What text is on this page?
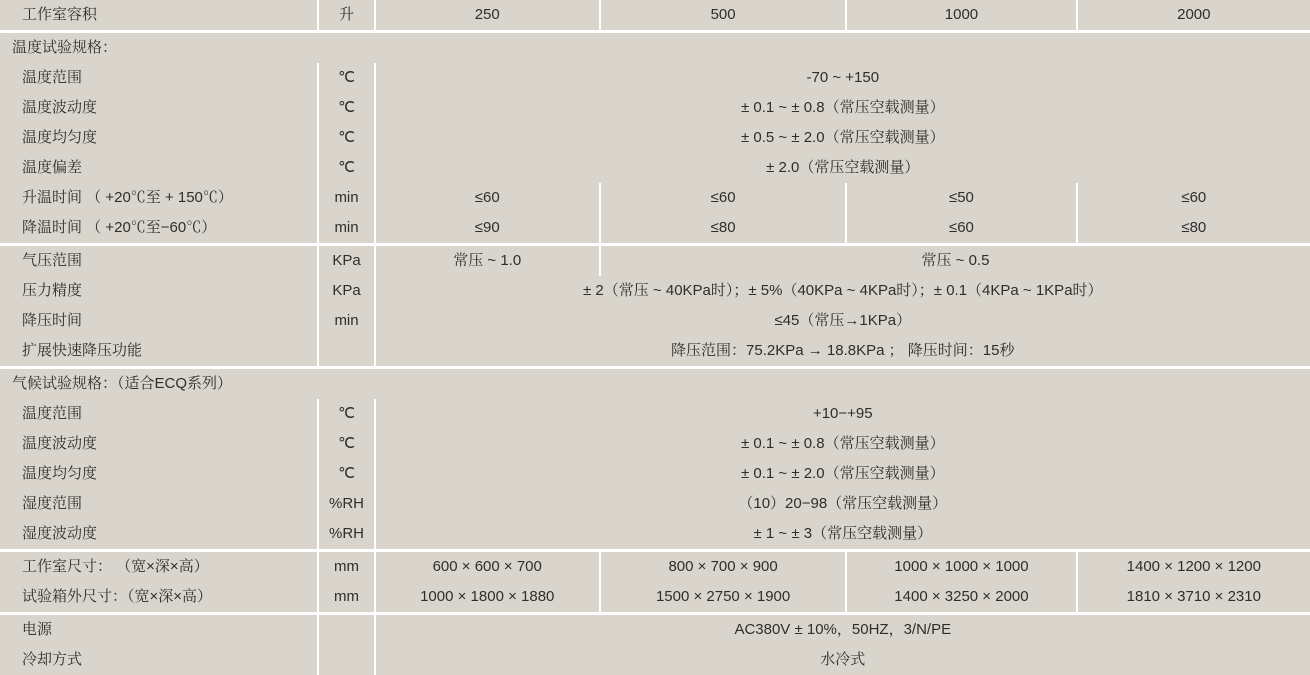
工作室容积	升	250	500	1000	2000
温度试验规格：					
温度范围	℃	-70 ~ +150			
温度波动度	℃	± 0.1 ~ ± 0.8（常压空载测量）			
温度均匀度	℃	± 0.5 ~ ± 2.0（常压空载测量）			
温度偏差	℃	± 2.0（常压空载测量）			
升温时间 （ +20℃至 + 150℃）	min	≤60	≤60	≤50	≤60
降温时间 （ +20℃至−60℃）	min	≤90	≤80	≤60	≤80
气压范围	KPa	常压 ~ 1.0	常压 ~ 0.5		
压力精度	KPa	± 2（常压 ~ 40KPa时）；± 5%（40KPa ~ 4KPa时）；± 0.1（4KPa ~ 1KPa时）			
降压时间	min	≤45（常压→1KPa）			
扩展快速降压功能		降压范围：75.2KPa → 18.8KPa ； 降压时间：15秒			
气候试验规格：（适合ECQ系列）					
温度范围	℃	+10−+95			
温度波动度	℃	± 0.1 ~ ± 0.8（常压空载测量）			
温度均匀度	℃	± 0.1 ~ ± 2.0（常压空载测量）			
湿度范围	%RH	（10）20−98（常压空载测量）			
湿度波动度	%RH	± 1 ~ ± 3（常压空载测量）			
工作室尺寸： （宽×深×高）	mm	600 × 600 × 700	800 × 700 × 900	1000 × 1000 × 1000	1400 × 1200 × 1200
试验箱外尺寸：（宽×深×高）	mm	1000 × 1800 × 1880	1500 × 2750 × 1900	1400 × 3250 × 2000	1810 × 3710 × 2310
电源		AC380V ± 10%，50HZ，3/N/PE			
冷却方式		水冷式			
